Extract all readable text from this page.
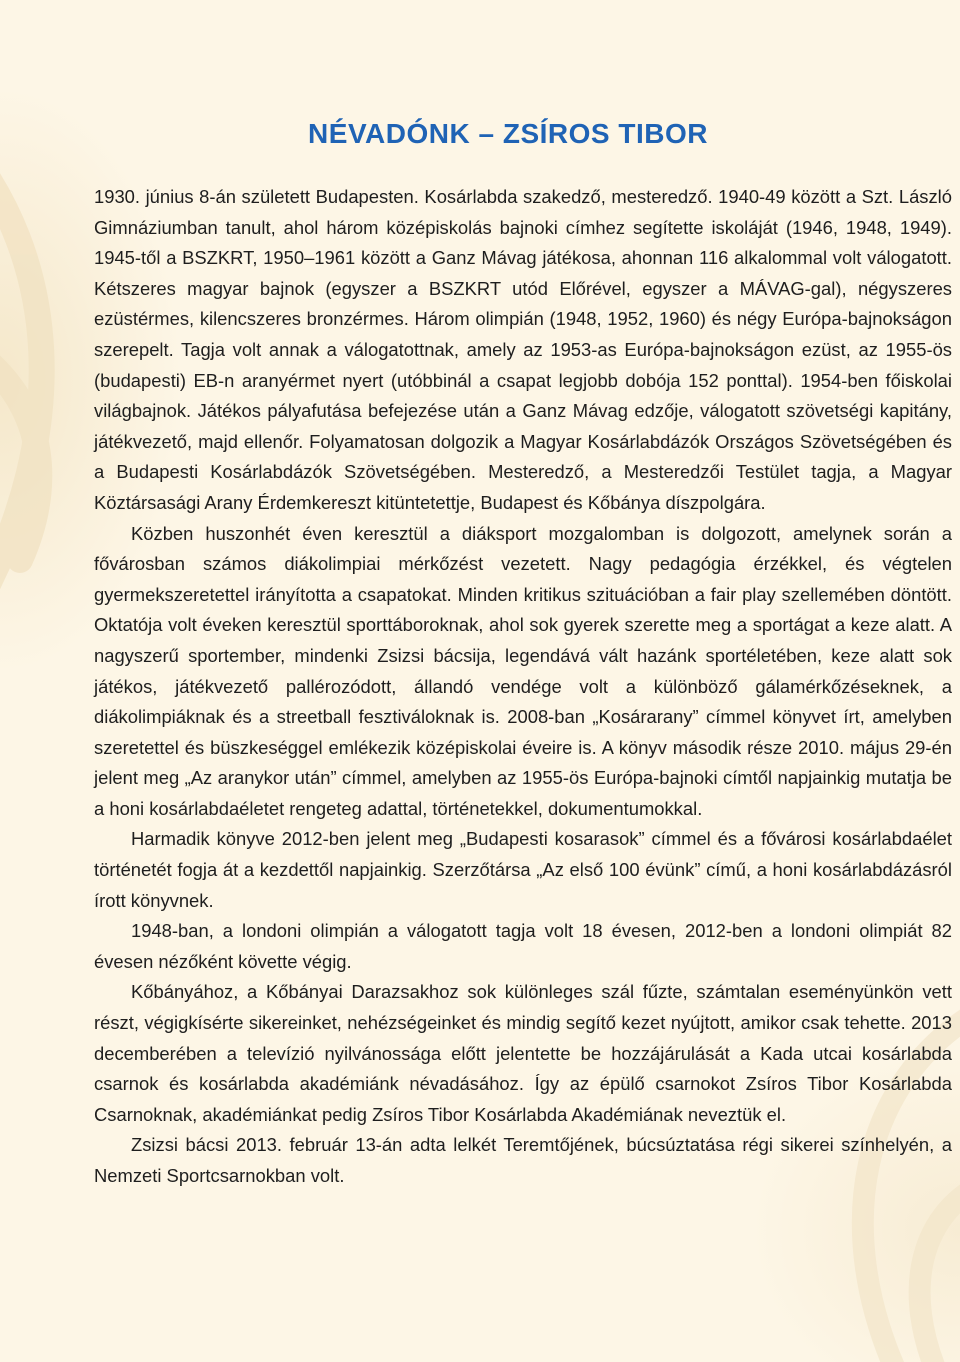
NÉVADÓNK – ZSÍROS TIBOR

1930. június 8-án született Budapesten. Kosárlabda szakedző, mesteredző. 1940-49 között a Szt. László Gimnáziumban tanult, ahol három középiskolás bajnoki címhez segítette iskoláját (1946, 1948, 1949). 1945-től a BSZKRT, 1950–1961 között a Ganz Mávag játékosa, ahonnan 116 alkalommal volt válogatott. Kétszeres magyar bajnok (egyszer a BSZKRT utód Előrével, egyszer a MÁVAG-gal), négyszeres ezüstérmes, kilencszeres bronzérmes. Három olimpián (1948, 1952, 1960) és négy Európa-bajnokságon szerepelt. Tagja volt annak a válogatottnak, amely az 1953-as Európa-bajnokságon ezüst, az 1955-ös (budapesti) EB-n aranyérmet nyert (utóbbinál a csapat legjobb dobója 152 ponttal). 1954-ben főiskolai világbajnok. Játékos pályafutása befejezése után a Ganz Mávag edzője, válogatott szövetségi kapitány, játékvezető, majd ellenőr. Folyamatosan dolgozik a Magyar Kosárlabdázók Országos Szövetségében és a Budapesti Kosárlabdázók Szövetségében. Mesteredző, a Mesteredzői Testület tagja, a Magyar Köztársasági Arany Érdemkereszt kitüntetettje, Budapest és Kőbánya díszpolgára.

Közben huszonhét éven keresztül a diáksport mozgalomban is dolgozott, amelynek során a fővárosban számos diákolimpiai mérkőzést vezetett. Nagy pedagógia érzékkel, és végtelen gyermekszeretettel irányította a csapatokat. Minden kritikus szituációban a fair play szellemében döntött. Oktatója volt éveken keresztül sporttáboroknak, ahol sok gyerek szerette meg a sportágat a keze alatt. A nagyszerű sportember, mindenki Zsizsi bácsija, legendává vált hazánk sportéletében, keze alatt sok játékos, játékvezető pallérozódott, állandó vendége volt a különböző gálamérkőzéseknek, a diákolimpiáknak és a streetball fesztiváloknak is. 2008-ban „Kosárarany” címmel könyvet írt, amelyben szeretettel és büszkeséggel emlékezik középiskolai éveire is. A könyv második része 2010. május 29-én jelent meg „Az aranykor után” címmel, amelyben az 1955-ös Európa-bajnoki címtől napjainkig mutatja be a honi kosárlabdaéletet rengeteg adattal, történetekkel, dokumentumokkal.

Harmadik könyve 2012-ben jelent meg „Budapesti kosarasok” címmel és a fővárosi kosárlabdaélet történetét fogja át a kezdettől napjainkig. Szerzőtársa „Az első 100 évünk” című, a honi kosárlabdázásról írott könyvnek.

1948-ban, a londoni olimpián a válogatott tagja volt 18 évesen, 2012-ben a londoni olimpiát 82 évesen nézőként követte végig.

Kőbányához, a Kőbányai Darazsakhoz sok különleges szál fűzte, számtalan eseményünkön vett részt, végigkísérte sikereinket, nehézségeinket és mindig segítő kezet nyújtott, amikor csak tehette. 2013 decemberében a televízió nyilvánossága előtt jelentette be hozzájárulását a Kada utcai kosárlabda csarnok és kosárlabda akadémiánk névadásához. Így az épülő csarnokot Zsíros Tibor Kosárlabda Csarnoknak, akadémiánkat pedig Zsíros Tibor Kosárlabda Akadémiának neveztük el.

Zsizsi bácsi 2013. február 13-án adta lelkét Teremtőjének, búcsúztatása régi sikerei színhelyén, a Nemzeti Sportcsarnokban volt.
